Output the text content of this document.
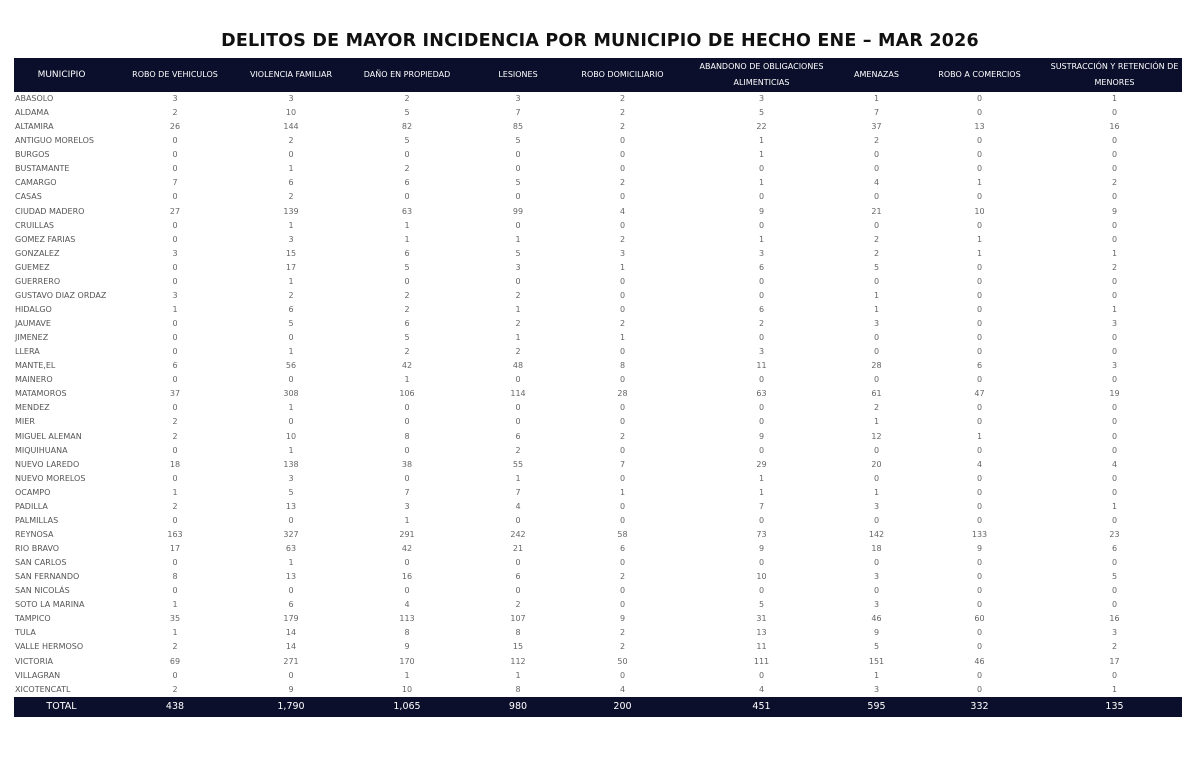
DELITOS DE MAYOR INCIDENCIA POR MUNICIPIO DE HECHO ENE – MAR 2026
MUNICIPIO	ROBO DE VEHICULOS	VIOLENCIA FAMILIAR	DAÑO EN PROPIEDAD	LESIONES	ROBO DOMICILIARIO	ABANDONO DE OBLIGACIONES ALIMENTICIAS	AMENAZAS	ROBO A COMERCIOS	SUSTRACCIÓN Y RETENCIÓN DE MENORES
ABASOLO	3	3	2	3	2	3	1	0	1
ALDAMA	2	10	5	7	2	5	7	0	0
ALTAMIRA	26	144	82	85	2	22	37	13	16
ANTIGUO MORELOS	0	2	5	5	0	1	2	0	0
BURGOS	0	0	0	0	0	1	0	0	0
BUSTAMANTE	0	1	2	0	0	0	0	0	0
CAMARGO	7	6	6	5	2	1	4	1	2
CASAS	0	2	0	0	0	0	0	0	0
CIUDAD MADERO	27	139	63	99	4	9	21	10	9
CRUILLAS	0	1	1	0	0	0	0	0	0
GOMEZ FARIAS	0	3	1	1	2	1	2	1	0
GONZALEZ	3	15	6	5	3	3	2	1	1
GUEMEZ	0	17	5	3	1	6	5	0	2
GUERRERO	0	1	0	0	0	0	0	0	0
GUSTAVO DIAZ ORDAZ	3	2	2	2	0	0	1	0	0
HIDALGO	1	6	2	1	0	6	1	0	1
JAUMAVE	0	5	6	2	2	2	3	0	3
JIMENEZ	0	0	5	1	1	0	0	0	0
LLERA	0	1	2	2	0	3	0	0	0
MANTE,EL	6	56	42	48	8	11	28	6	3
MAINERO	0	0	1	0	0	0	0	0	0
MATAMOROS	37	308	106	114	28	63	61	47	19
MENDEZ	0	1	0	0	0	0	2	0	0
MIER	2	0	0	0	0	0	1	0	0
MIGUEL ALEMAN	2	10	8	6	2	9	12	1	0
MIQUIHUANA	0	1	0	2	0	0	0	0	0
NUEVO LAREDO	18	138	38	55	7	29	20	4	4
NUEVO MORELOS	0	3	0	1	0	1	0	0	0
OCAMPO	1	5	7	7	1	1	1	0	0
PADILLA	2	13	3	4	0	7	3	0	1
PALMILLAS	0	0	1	0	0	0	0	0	0
REYNOSA	163	327	291	242	58	73	142	133	23
RIO BRAVO	17	63	42	21	6	9	18	9	6
SAN CARLOS	0	1	0	0	0	0	0	0	0
SAN FERNANDO	8	13	16	6	2	10	3	0	5
SAN NICOLÁS	0	0	0	0	0	0	0	0	0
SOTO LA MARINA	1	6	4	2	0	5	3	0	0
TAMPICO	35	179	113	107	9	31	46	60	16
TULA	1	14	8	8	2	13	9	0	3
VALLE HERMOSO	2	14	9	15	2	11	5	0	2
VICTORIA	69	271	170	112	50	111	151	46	17
VILLAGRAN	0	0	1	1	0	0	1	0	0
XICOTENCATL	2	9	10	8	4	4	3	0	1
TOTAL	438	1,790	1,065	980	200	451	595	332	135
